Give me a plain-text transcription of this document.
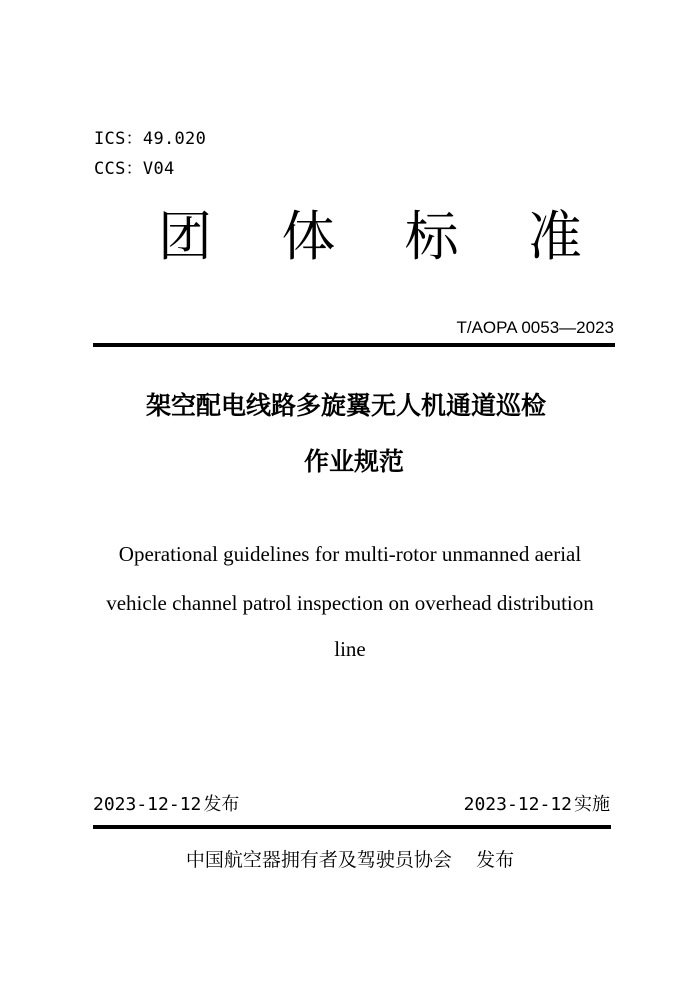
ICS：49.020
CCS：V04
团 体 标 准
T/AOPA 0053—2023
架空配电线路多旋翼无人机通道巡检
作业规范
Operational guidelines for multi-rotor unmanned aerial
vehicle channel patrol inspection on overhead distribution
line
2023-12-12 发布	2023-12-12 实施
中国航空器拥有者及驾驶员协会 发布
